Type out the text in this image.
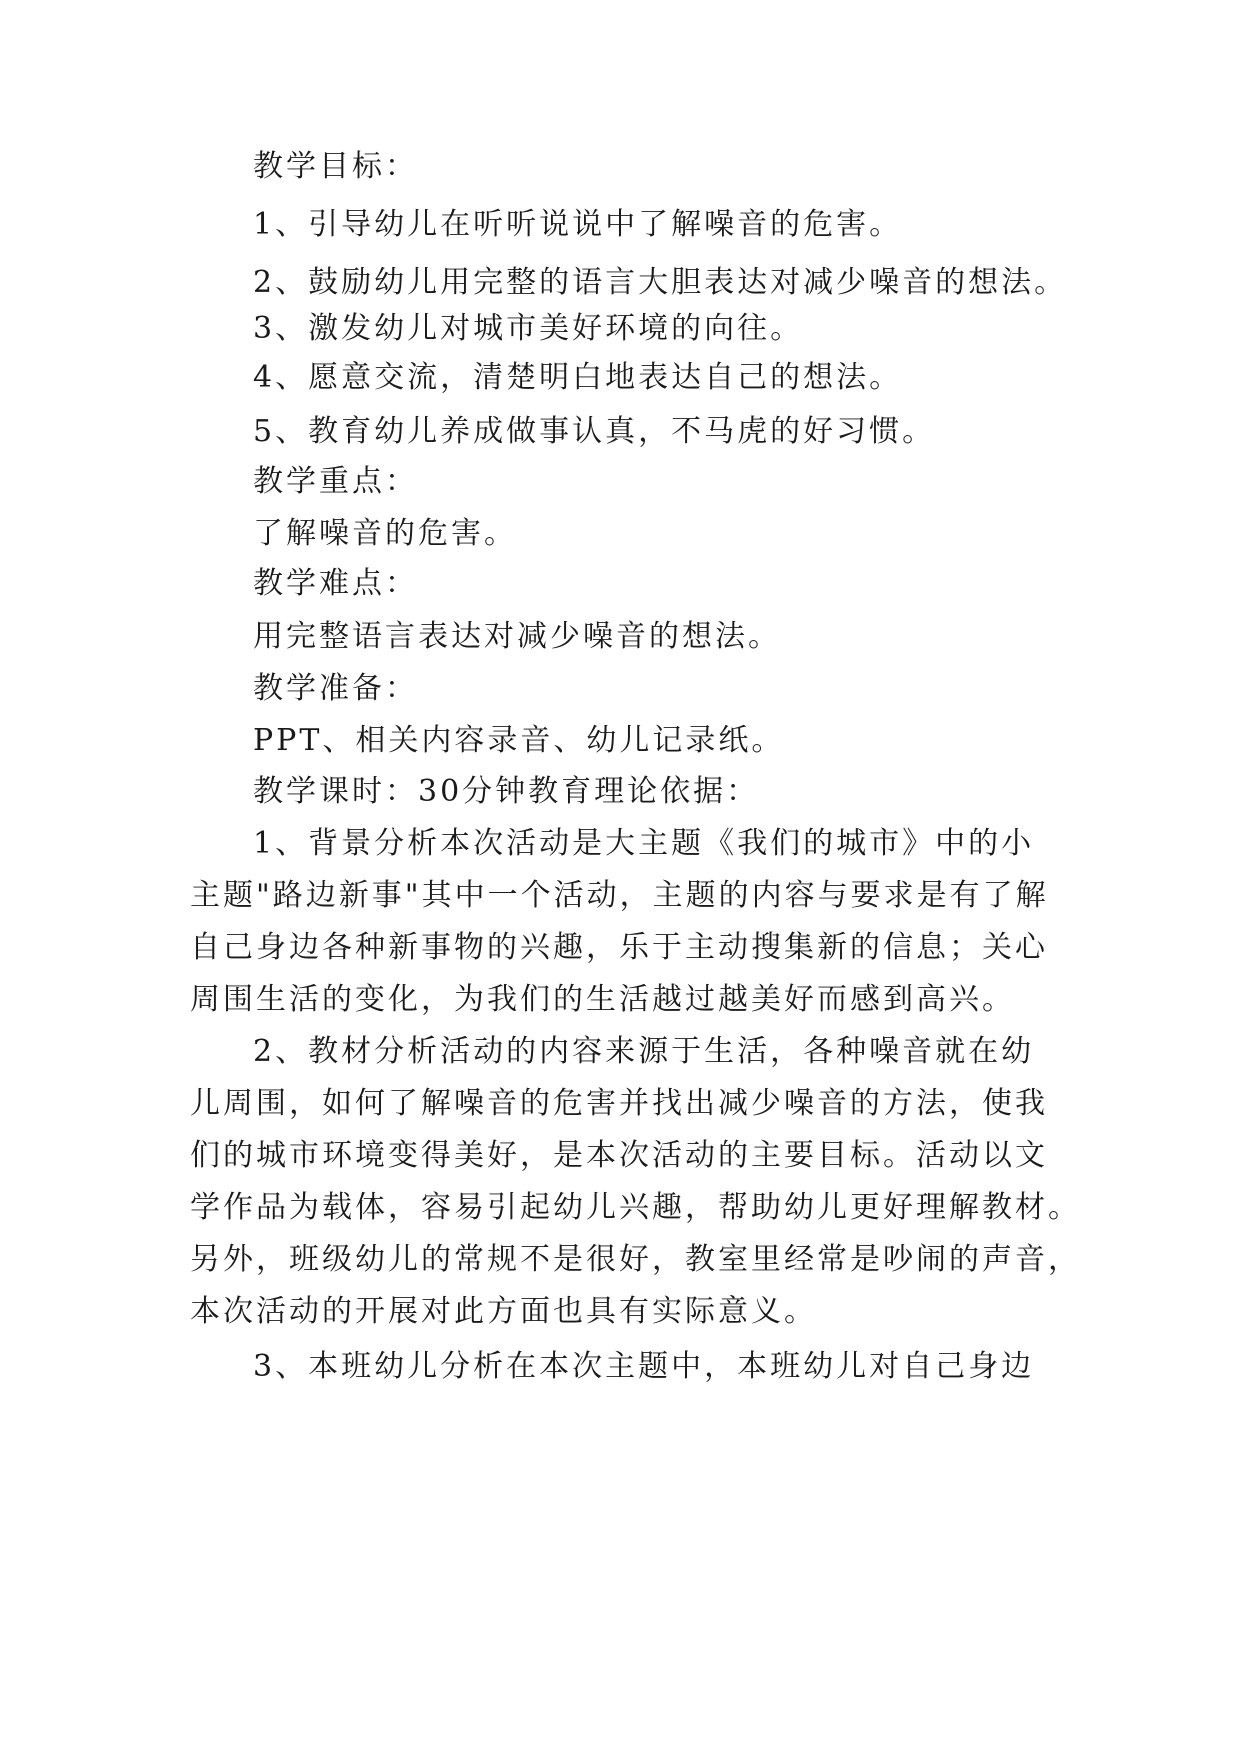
教学目标：
1、引导幼儿在听听说说中了解噪音的危害。
2、鼓励幼儿用完整的语言大胆表达对减少噪音的想法。
3、激发幼儿对城市美好环境的向往。
4、愿意交流，清楚明白地表达自己的想法。
5、教育幼儿养成做事认真，不马虎的好习惯。
教学重点：
了解噪音的危害。
教学难点：
用完整语言表达对减少噪音的想法。
教学准备：
PPT、相关内容录音、幼儿记录纸。
教学课时：30分钟教育理论依据：
1、背景分析本次活动是大主题《我们的城市》中的小
主题"路边新事"其中一个活动，主题的内容与要求是有了解
自己身边各种新事物的兴趣，乐于主动搜集新的信息；关心
周围生活的变化，为我们的生活越过越美好而感到高兴。
2、教材分析活动的内容来源于生活，各种噪音就在幼
儿周围，如何了解噪音的危害并找出减少噪音的方法，使我
们的城市环境变得美好，是本次活动的主要目标。活动以文
学作品为载体，容易引起幼儿兴趣，帮助幼儿更好理解教材。
另外，班级幼儿的常规不是很好，教室里经常是吵闹的声音，
本次活动的开展对此方面也具有实际意义。
3、本班幼儿分析在本次主题中，本班幼儿对自己身边
